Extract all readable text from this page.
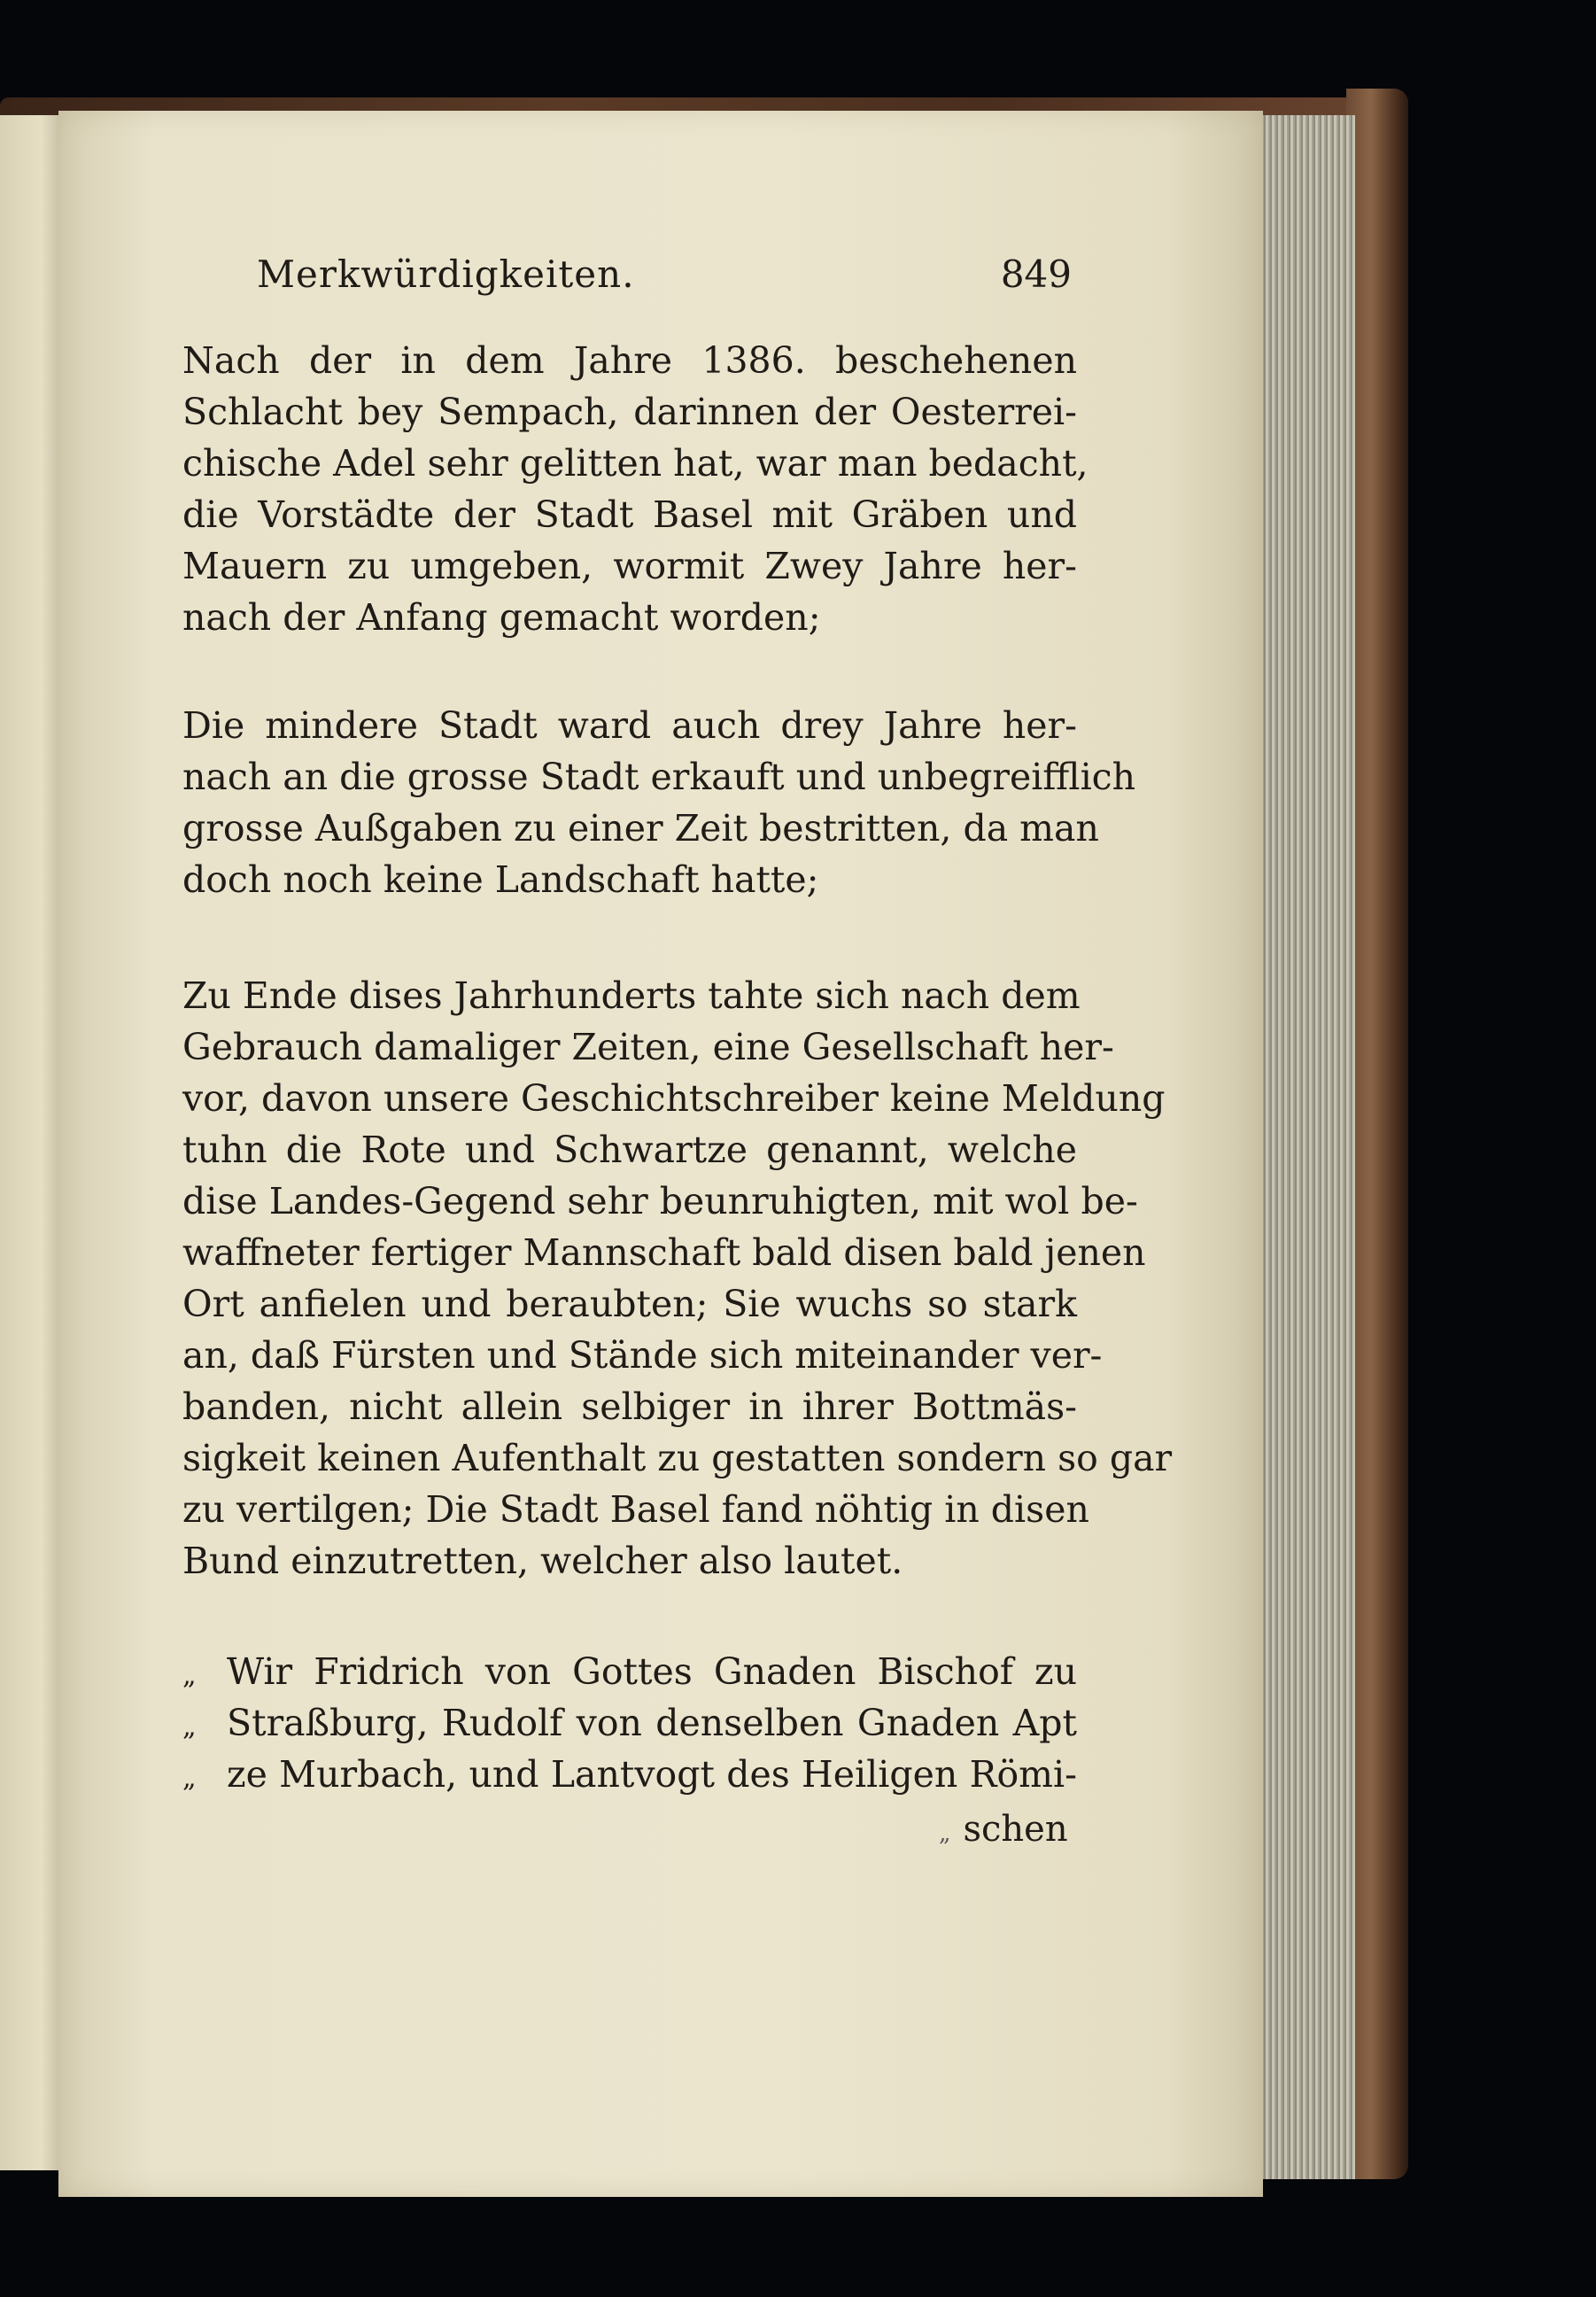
Merkwürdigkeiten.	849
Nach der in dem Jahre 1386. beschehenen
Schlacht bey Sempach, darinnen der Oesterrei-
chische Adel sehr gelitten hat, war man bedacht,
die Vorstädte der Stadt Basel mit Gräben und
Mauern zu umgeben, wormit Zwey Jahre her-
nach der Anfang gemacht worden;
Die mindere Stadt ward auch drey Jahre her-
nach an die grosse Stadt erkauft und unbegreifflich
grosse Außgaben zu einer Zeit bestritten, da man
doch noch keine Landschaft hatte;
Zu Ende dises Jahrhunderts tahte sich nach dem
Gebrauch damaliger Zeiten, eine Gesellschaft her-
vor, davon unsere Geschichtschreiber keine Meldung
tuhn die Rote und Schwartze genannt, welche
dise Landes-Gegend sehr beunruhigten, mit wol be-
waffneter fertiger Mannschaft bald disen bald jenen
Ort anfielen und beraubten; Sie wuchs so stark
an, daß Fürsten und Stände sich miteinander ver-
banden, nicht allein selbiger in ihrer Bottmäs-
sigkeit keinen Aufenthalt zu gestatten sondern so gar
zu vertilgen; Die Stadt Basel fand nöhtig in disen
Bund einzutretten, welcher also lautet.
„ Wir Fridrich von Gottes Gnaden Bischof zu
„ Straßburg, Rudolf von denselben Gnaden Apt
„ ze Murbach, und Lantvogt des Heiligen Römi-
„ schen
